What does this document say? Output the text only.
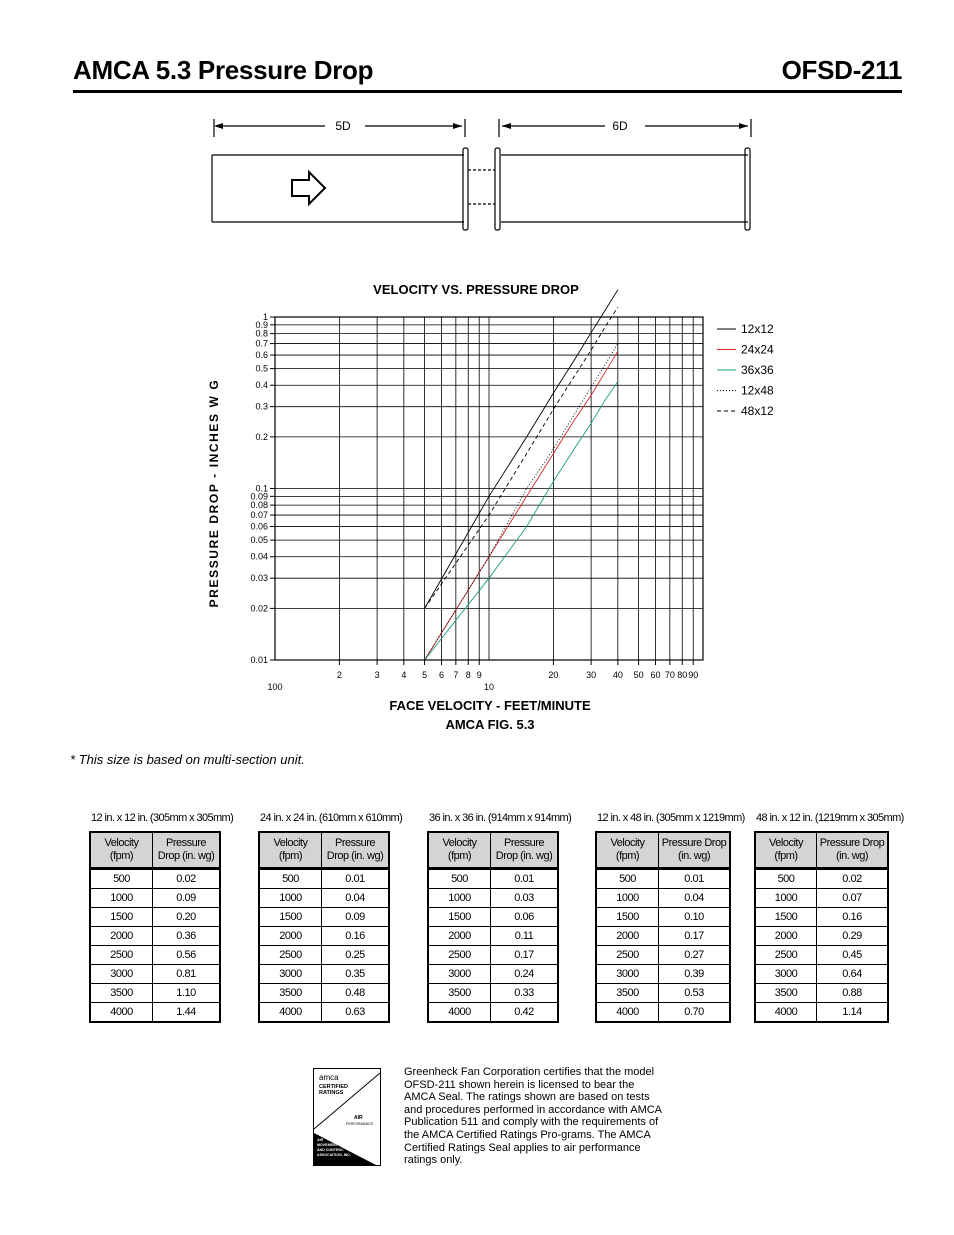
AMCA 5.3 Pressure Drop	OFSD-211
5D	6D
VELOCITY VS. PRESSURE DROP
0.01
0.02
0.03
0.04
0.05
0.06
0.07
0.08
0.09
0.1
0.2
0.3
0.4
0.5
0.6
0.7
0.8
0.9
1
2	3 4 5 6 7 8 9	20	30 40 50 60 70 80 90
100	10
12x12
24x24
36x36
12x48
48x12
PRESSURE DROP - INCHES W G
FACE VELOCITY - FEET/MINUTE
AMCA FIG. 5.3
* This size is based on multi-section unit.
12 in. x 12 in. (305mm x 305mm)
Velocity (fpm)	Pressure Drop (in. wg)
500	0.02
1000	0.09
1500	0.20
2000	0.36
2500	0.56
3000	0.81
3500	1.10
4000	1.44
24 in. x 24 in. (610mm x 610mm)
Velocity (fpm)	Pressure Drop (in. wg)
500	0.01
1000	0.04
1500	0.09
2000	0.16
2500	0.25
3000	0.35
3500	0.48
4000	0.63
36 in. x 36 in. (914mm x 914mm)
Velocity (fpm)	Pressure Drop (in. wg)
500	0.01
1000	0.03
1500	0.06
2000	0.11
2500	0.17
3000	0.24
3500	0.33
4000	0.42
12 in. x 48 in. (305mm x 1219mm)
Velocity (fpm)	Pressure Drop (in. wg)
500	0.01
1000	0.04
1500	0.10
2000	0.17
2500	0.27
3000	0.39
3500	0.53
4000	0.70
48 in. x 12 in. (1219mm x 305mm)
Velocity (fpm)	Pressure Drop (in. wg)
500	0.02
1000	0.07
1500	0.16
2000	0.29
2500	0.45
3000	0.64
3500	0.88
4000	1.14
amca
CERTIFIED
RATINGS
AIR
PERFORMANCE
AIR
MOVEMENT
AND CONTROL
ASSOCIATION, INC.
Greenheck Fan Corporation certifies that the model OFSD-211 shown herein is licensed to bear the AMCA Seal. The ratings shown are based on tests and procedures performed in accordance with AMCA Publication 511 and comply with the requirements of the AMCA Certified Ratings Pro-grams. The AMCA Certified Ratings Seal applies to air performance ratings only.
